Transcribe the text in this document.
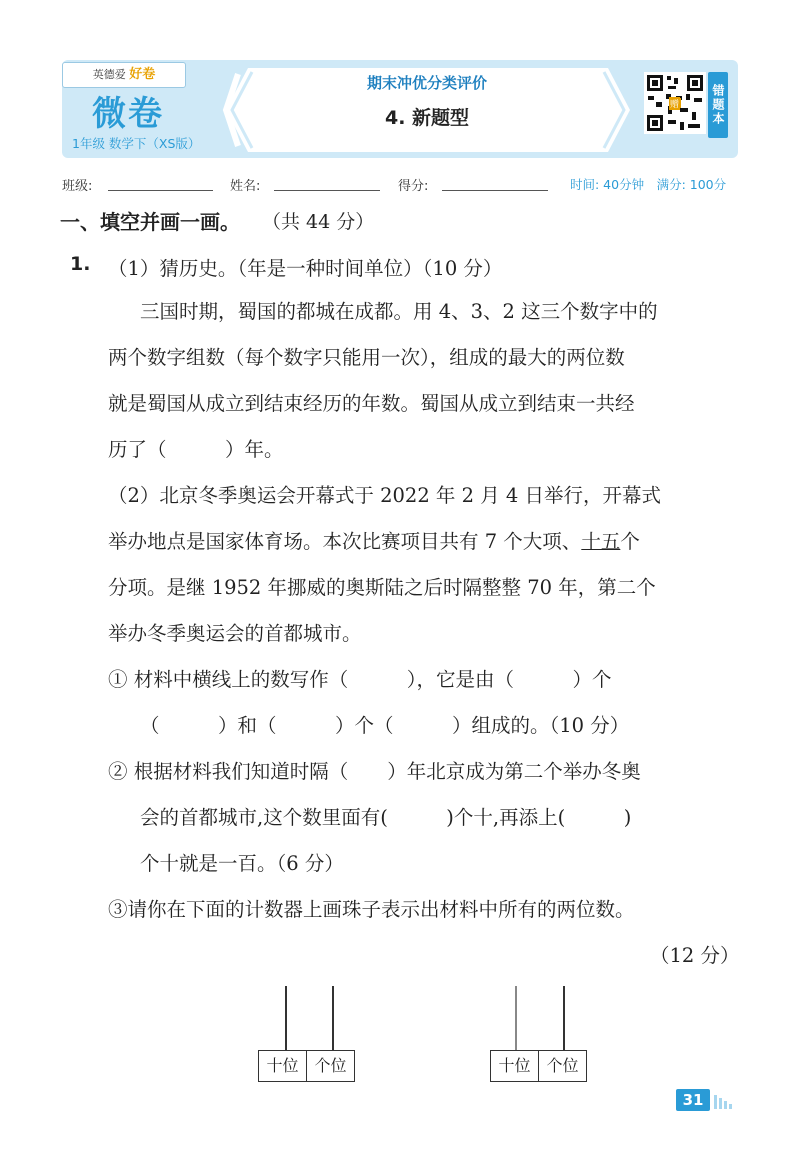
英德爱 好卷
微卷
1年级 数学下（XS版）
期末冲优分类评价
4. 新题型
赠	错题本
班级:	姓名:	得分:	时间: 40分钟　满分: 100分
一、填空并画一画。 （共 44 分）
1. （1）猜历史。（年是一种时间单位）（10 分）
三国时期，蜀国的都城在成都。用 4、3、2 这三个数字中的
两个数字组数（每个数字只能用一次），组成的最大的两位数
就是蜀国从成立到结束经历的年数。蜀国从成立到结束一共经
历了（　　　）年。
（2）北京冬季奥运会开幕式于 2022 年 2 月 4 日举行，开幕式
举办地点是国家体育场。本次比赛项目共有 7 个大项、十五个
分项。是继 1952 年挪威的奥斯陆之后时隔整整 70 年，第二个
举办冬季奥运会的首都城市。
① 材料中横线上的数写作（　　　），它是由（　　　）个
（　　　）和（　　　）个（　　　）组成的。（10 分）
② 根据材料我们知道时隔（　　）年北京成为第二个举办冬奥
会的首都城市,这个数里面有(　　　)个十,再添上(　　　)
个十就是一百。（6 分）
③请你在下面的计数器上画珠子表示出材料中所有的两位数。
（12 分）
十位 个位	十位 个位
31
